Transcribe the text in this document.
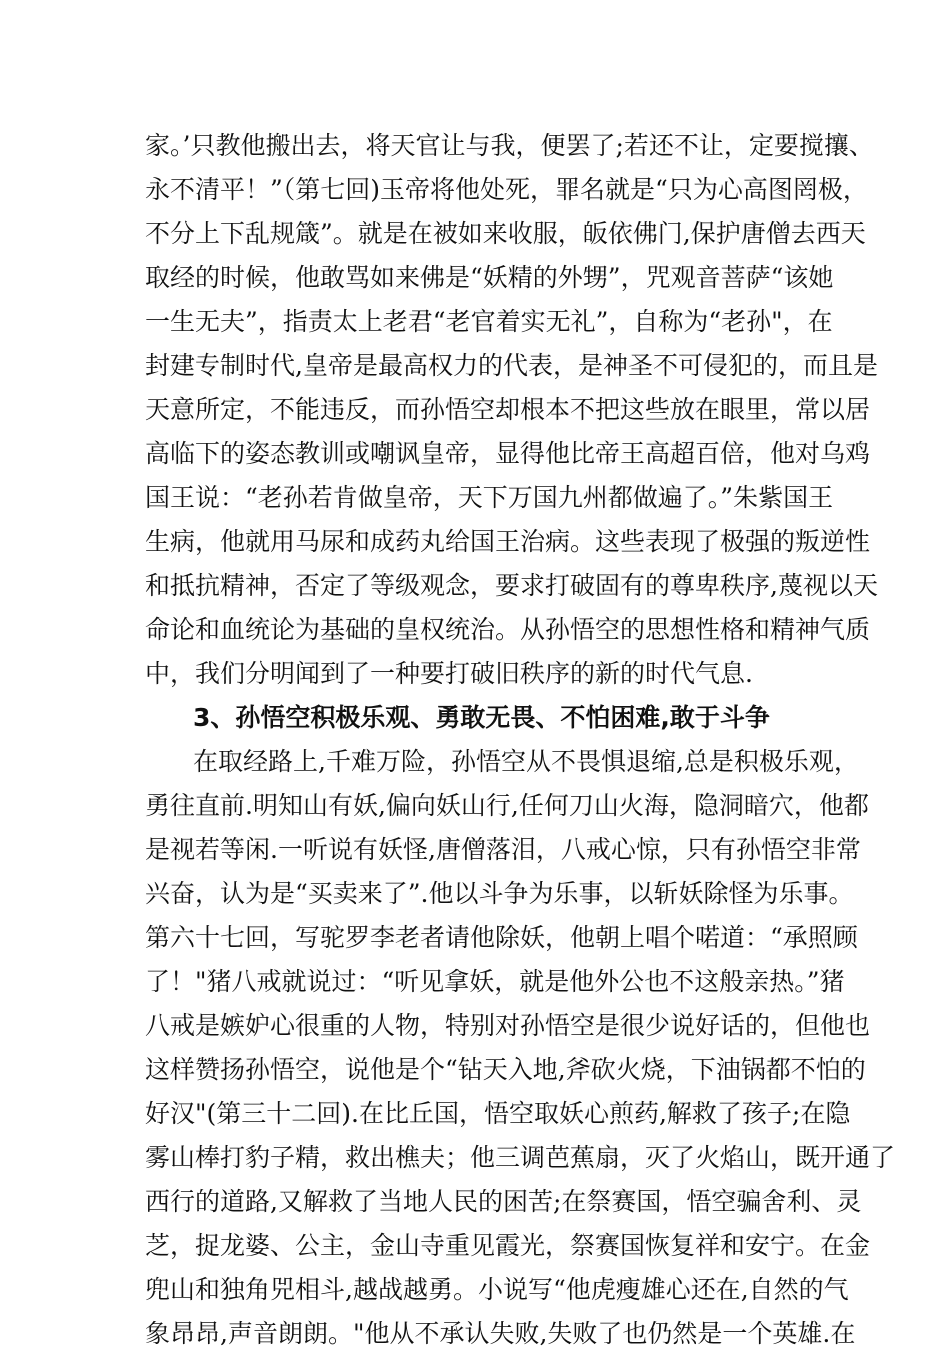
家。’只教他搬出去，将天官让与我，便罢了;若还不让，定要搅攘、
永不清平！”（第七回)玉帝将他处死，罪名就是“只为心高图罔极，
不分上下乱规箴”。就是在被如来收服，皈依佛门,保护唐僧去西天
取经的时候，他敢骂如来佛是“妖精的外甥”，咒观音菩萨“该她
一生无夫”，指责太上老君“老官着实无礼”，自称为“老孙"，在
封建专制时代,皇帝是最高权力的代表，是神圣不可侵犯的，而且是
天意所定，不能违反，而孙悟空却根本不把这些放在眼里，常以居
高临下的姿态教训或嘲讽皇帝，显得他比帝王高超百倍，他对乌鸡
国王说：“老孙若肯做皇帝，天下万国九州都做遍了。”朱紫国王
生病，他就用马尿和成药丸给国王治病。这些表现了极强的叛逆性
和抵抗精神，否定了等级观念，要求打破固有的尊卑秩序,蔑视以天
命论和血统论为基础的皇权统治。从孙悟空的思想性格和精神气质
中，我们分明闻到了一种要打破旧秩序的新的时代气息.
3、孙悟空积极乐观、勇敢无畏、不怕困难,敢于斗争
在取经路上,千难万险，孙悟空从不畏惧退缩,总是积极乐观，
勇往直前.明知山有妖,偏向妖山行,任何刀山火海，隐洞暗穴，他都
是视若等闲.一听说有妖怪,唐僧落泪，八戒心惊，只有孙悟空非常
兴奋，认为是“买卖来了”.他以斗争为乐事，以斩妖除怪为乐事。
第六十七回，写驼罗李老者请他除妖，他朝上唱个喏道：“承照顾
了！"猪八戒就说过：“听见拿妖，就是他外公也不这般亲热。”猪
八戒是嫉妒心很重的人物，特别对孙悟空是很少说好话的，但他也
这样赞扬孙悟空，说他是个“钻天入地,斧砍火烧，下油锅都不怕的
好汉"(第三十二回).在比丘国，悟空取妖心煎药,解救了孩子;在隐
雾山棒打豹子精，救出樵夫；他三调芭蕉扇，灭了火焰山，既开通了
西行的道路,又解救了当地人民的困苦;在祭赛国，悟空骗舍利、灵
芝，捉龙婆、公主，金山寺重见霞光，祭赛国恢复祥和安宁。在金
兜山和独角兕相斗,越战越勇。小说写“他虎瘦雄心还在,自然的气
象昂昂,声音朗朗。"他从不承认失败,失败了也仍然是一个英雄.在
